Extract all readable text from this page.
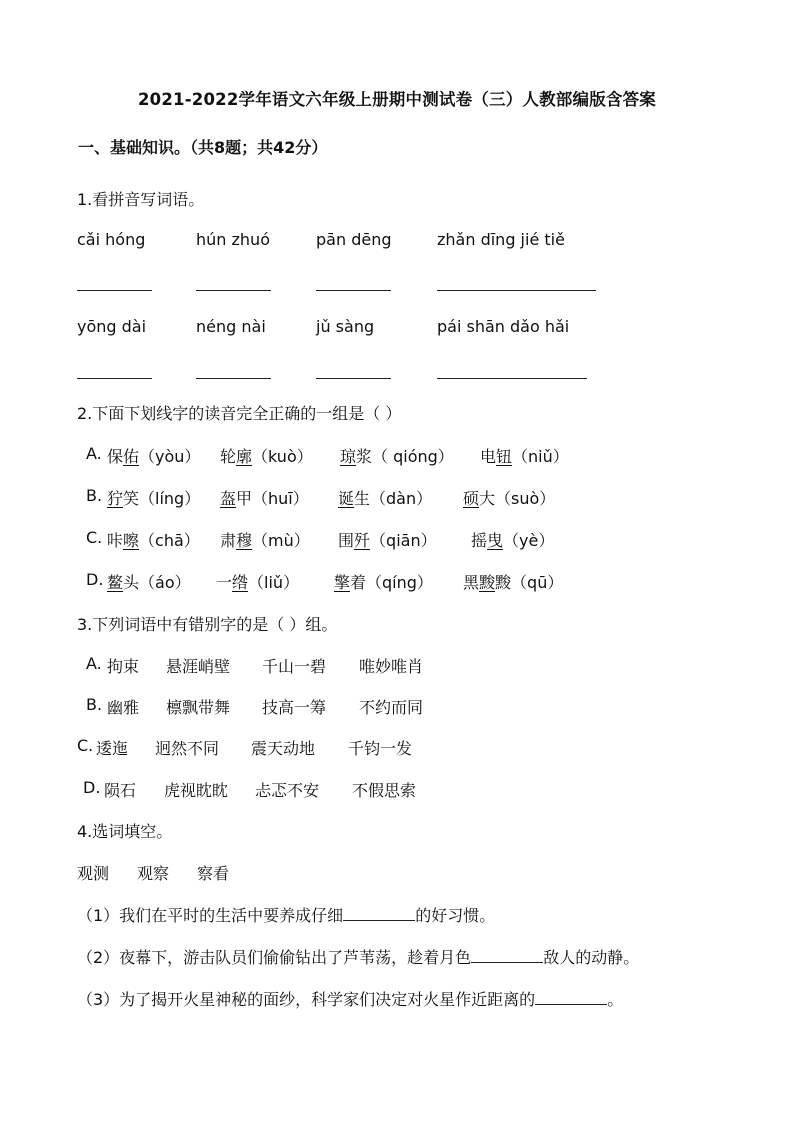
2021-2022学年语文六年级上册期中测试卷（三）人教部编版含答案
一、基础知识。（共8题；共42分）
1.看拼音写词语。
cǎi hóng	hún zhuó	pān dēng	zhǎn dīng jié tiě
yōng dài	néng nài	jǔ sàng	pái shān dǎo hǎi
2.下面下划线字的读音完全正确的一组是（ ）
A. 保佑（yòu） 轮廓（kuò） 琼浆（ qióng） 电钮（niǔ）
B. 狞笑（líng） 盔甲（huī） 诞生（dàn） 硕大（suò）
C. 咔嚓（chā） 肃穆（mù） 围歼（qiān） 摇曳（yè）
D. 鳌头（áo） 一绺（liǔ） 擎着（qíng） 黑黢黢（qū）
3.下列词语中有错别字的是（ ）组。
A. 拘束 悬涯峭壁 千山一碧 唯妙唯肖
B. 幽雅 檩飘带舞 技高一筹 不约而同
C. 逶迤 迥然不同 震天动地 千钧一发
D. 陨石 虎视眈眈 忐忑不安 不假思索
4.选词填空。
观测 观察 察看
（1）我们在平时的生活中要养成仔细	的好习惯。
（2）夜幕下，游击队员们偷偷钻出了芦苇荡，趁着月色	敌人的动静。
（3）为了揭开火星神秘的面纱，科学家们决定对火星作近距离的	。
